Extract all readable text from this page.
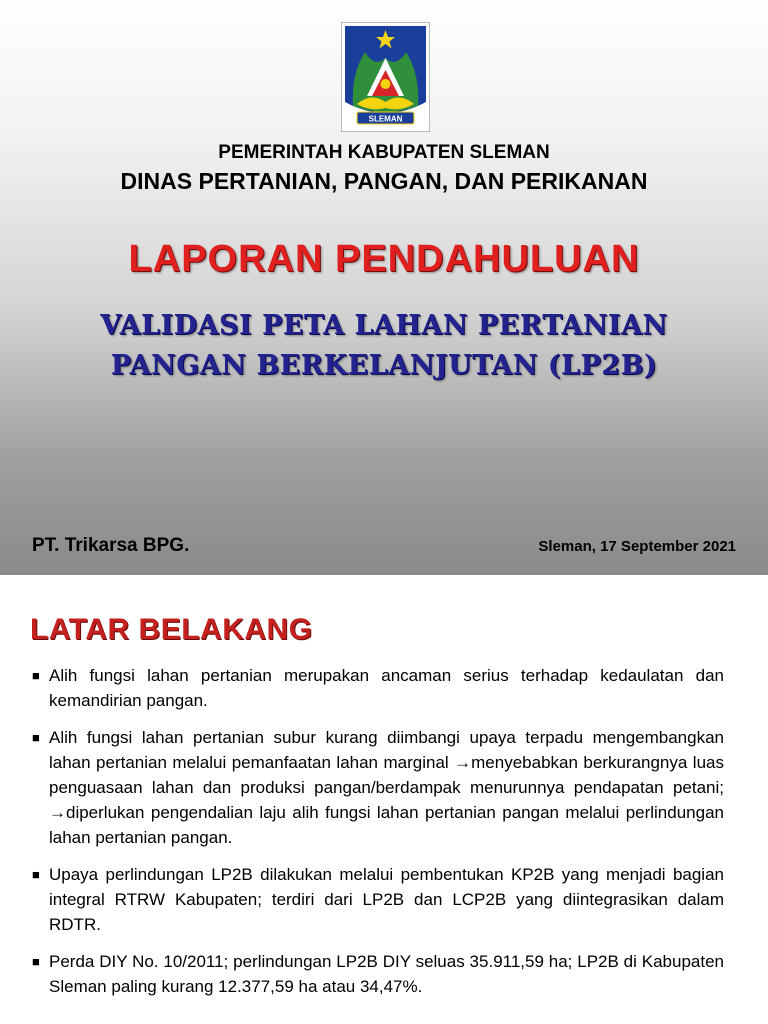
SLEMAN
PEMERINTAH KABUPATEN SLEMAN
DINAS PERTANIAN, PANGAN, DAN PERIKANAN
LAPORAN PENDAHULUAN
VALIDASI PETA LAHAN PERTANIAN
PANGAN BERKELANJUTAN (LP2B)
PT. Trikarsa BPG.	Sleman, 17 September 2021
LATAR BELAKANG
■ Alih fungsi lahan pertanian merupakan ancaman serius terhadap kedaulatan dan kemandirian pangan.
■ Alih fungsi lahan pertanian subur kurang diimbangi upaya terpadu mengembangkan lahan pertanian melalui pemanfaatan lahan marginal →menyebabkan berkurangnya luas penguasaan lahan dan produksi pangan/berdampak menurunnya pendapatan petani; →diperlukan pengendalian laju alih fungsi lahan pertanian pangan melalui perlindungan lahan pertanian pangan.
■ Upaya perlindungan LP2B dilakukan melalui pembentukan KP2B yang menjadi bagian integral RTRW Kabupaten; terdiri dari LP2B dan LCP2B yang diintegrasikan dalam RDTR.
■ Perda DIY No. 10/2011; perlindungan LP2B DIY seluas 35.911,59 ha; LP2B di Kabupaten Sleman paling kurang 12.377,59 ha atau 34,47%.
